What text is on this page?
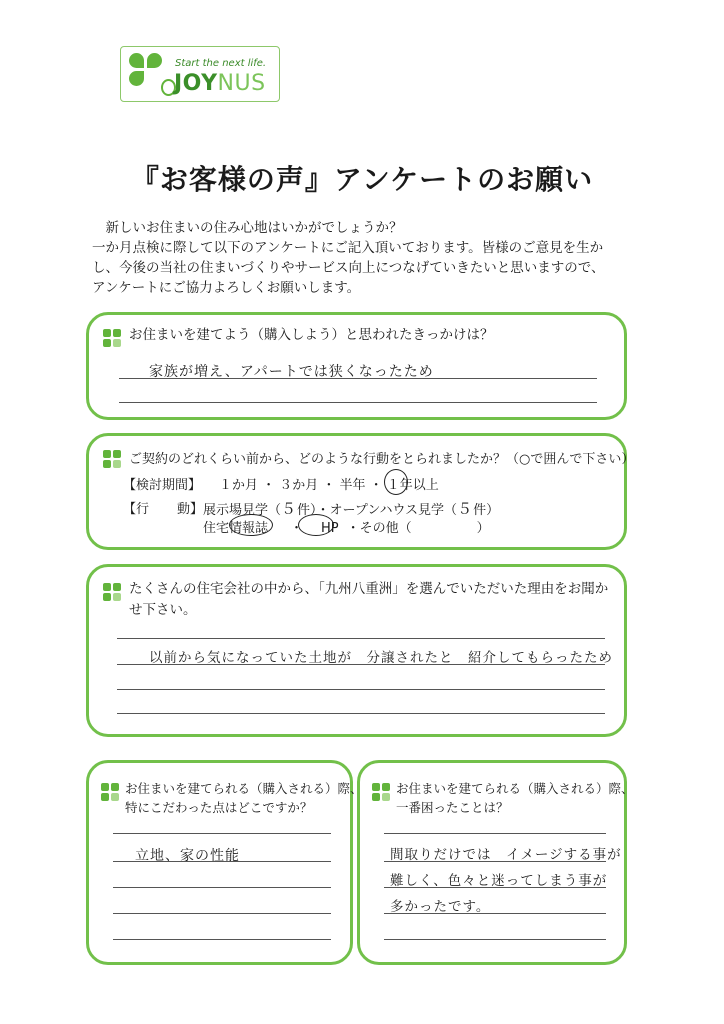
Start the next life.
JOYNUS
『お客様の声』アンケートのお願い
　新しいお住まいの住み心地はいかがでしょうか？
一か月点検に際して以下のアンケートにご記入頂いております。皆様のご意見を生か
し、今後の当社の住まいづくりやサービス向上につなげていきたいと思いますので、
アンケートにご協力よろしくお願いします。
お住まいを建てよう（購入しよう）と思われたきっかけは？
家族が増え、アパートでは狭くなったため
ご契約のどれくらい前から、どのような行動をとられましたか？（○で囲んで下さい）
【検討期間】 １か月 ・ ３か月 ・ 半年 ・ １年以上
【行 動】 展示場見学（５件）・オープンハウス見学（５件）
住宅情報誌 ・ HP ・その他（　　　　　）
たくさんの住宅会社の中から、「九州八重洲」を選んでいただいた理由をお聞か
せ下さい。
以前から気になっていた土地が　分譲されたと　紹介してもらったため
お住まいを建てられる（購入される）際、
特にこだわった点はどこですか？
立地、家の性能
お住まいを建てられる（購入される）際、
一番困ったことは？
間取りだけでは　イメージする事が
難しく、色々と迷ってしまう事が
多かったです。
